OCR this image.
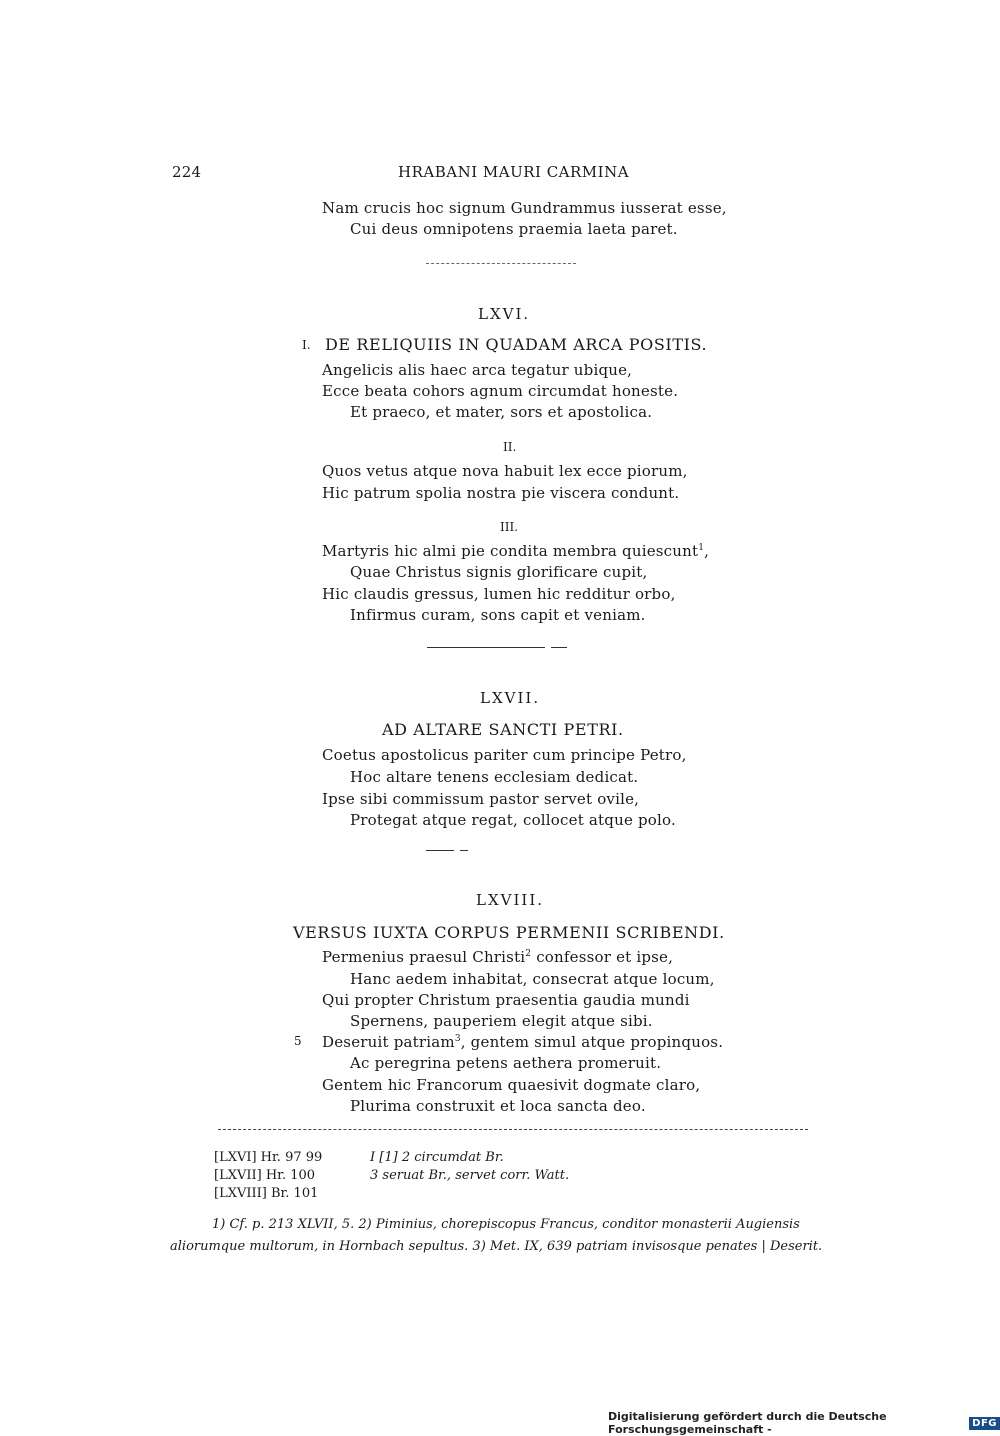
224	HRABANI MAURI CARMINA
Nam crucis hoc signum Gundrammus iusserat esse,
Cui deus omnipotens praemia laeta paret.
LXVI.
I. DE RELIQUIIS IN QUADAM ARCA POSITIS.
Angelicis alis haec arca tegatur ubique,
Ecce beata cohors agnum circumdat honeste.
Et praeco, et mater, sors et apostolica.
II.
Quos vetus atque nova habuit lex ecce piorum,
Hic patrum spolia nostra pie viscera condunt.
III.
Martyris hic almi pie condita membra quiescunt$^1$,
Quae Christus signis glorificare cupit,
Hic claudis gressus, lumen hic redditur orbo,
Infirmus curam, sons capit et veniam.
LXVII.
AD ALTARE SANCTI PETRI.
Coetus apostolicus pariter cum principe Petro,
Hoc altare tenens ecclesiam dedicat.
Ipse sibi commissum pastor servet ovile,
Protegat atque regat, collocet atque polo.
LXVIII.
VERSUS IUXTA CORPUS PERMENII SCRIBENDI.
Permenius praesul Christi$^2$ confessor et ipse,
Hanc aedem inhabitat, consecrat atque locum,
Qui propter Christum praesentia gaudia mundi
Spernens, pauperiem elegit atque sibi.
5 Deseruit patriam$^3$, gentem simul atque propinquos.
Ac peregrina petens aethera promeruit.
Gentem hic Francorum quaesivit dogmate claro,
Plurima construxit et loca sancta deo.
[LXVI] Hr. 97 99	I [1] 2 circumdat Br.
[LXVII] Hr. 100	3 seruat Br., servet corr. Watt.
[LXVIII] Br. 101
1) Cf. p. 213 XLVII, 5. 2) Piminius, chorepiscopus Francus, conditor monasterii Augiensis
aliorumque multorum, in Hornbach sepultus. 3) Met. IX, 639 patriam invisosque penates | Deserit.
Digitalisierung gefördert durch die Deutsche Forschungsgemeinschaft -	DFG
